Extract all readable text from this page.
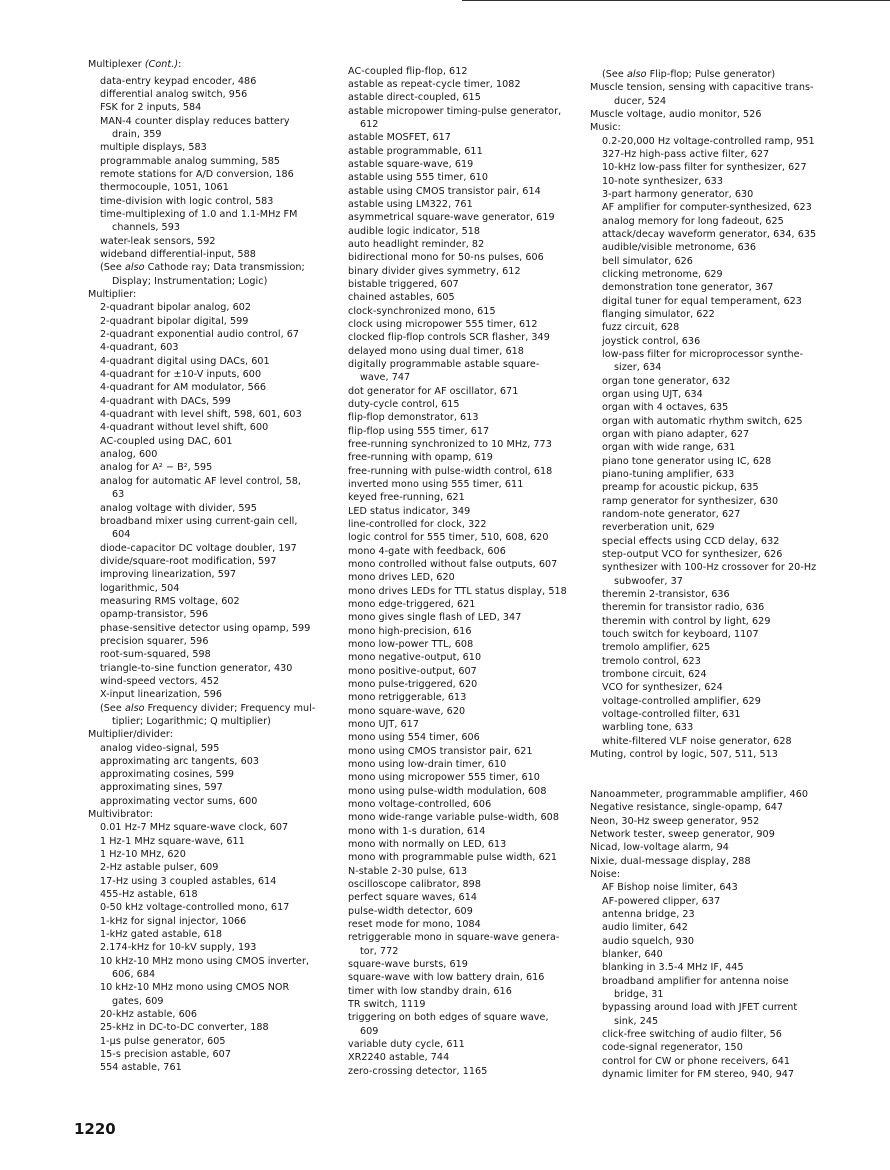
Multiplexer (Cont.):
data-entry keypad encoder, 486
differential analog switch, 956
FSK for 2 inputs, 584
MAN-4 counter display reduces battery
drain, 359
multiple displays, 583
programmable analog summing, 585
remote stations for A/D conversion, 186
thermocouple, 1051, 1061
time-division with logic control, 583
time-multiplexing of 1.0 and 1.1-MHz FM
channels, 593
water-leak sensors, 592
wideband differential-input, 588
(See also Cathode ray; Data transmission;
Display; Instrumentation; Logic)
Multiplier:
2-quadrant bipolar analog, 602
2-quadrant bipolar digital, 599
2-quadrant exponential audio control, 67
4-quadrant, 603
4-quadrant digital using DACs, 601
4-quadrant for ±10-V inputs, 600
4-quadrant for AM modulator, 566
4-quadrant with DACs, 599
4-quadrant with level shift, 598, 601, 603
4-quadrant without level shift, 600
AC-coupled using DAC, 601
analog, 600
analog for A² − B², 595
analog for automatic AF level control, 58,
63
analog voltage with divider, 595
broadband mixer using current-gain cell,
604
diode-capacitor DC voltage doubler, 197
divide/square-root modification, 597
improving linearization, 597
logarithmic, 504
measuring RMS voltage, 602
opamp-transistor, 596
phase-sensitive detector using opamp, 599
precision squarer, 596
root-sum-squared, 598
triangle-to-sine function generator, 430
wind-speed vectors, 452
X-input linearization, 596
(See also Frequency divider; Frequency mul-
tiplier; Logarithmic; Q multiplier)
Multiplier/divider:
analog video-signal, 595
approximating arc tangents, 603
approximating cosines, 599
approximating sines, 597
approximating vector sums, 600
Multivibrator:
0.01 Hz-7 MHz square-wave clock, 607
1 Hz-1 MHz square-wave, 611
1 Hz-10 MHz, 620
2-Hz astable pulser, 609
17-Hz using 3 coupled astables, 614
455-Hz astable, 618
0-50 kHz voltage-controlled mono, 617
1-kHz for signal injector, 1066
1-kHz gated astable, 618
2.174-kHz for 10-kV supply, 193
10 kHz-10 MHz mono using CMOS inverter,
606, 684
10 kHz-10 MHz mono using CMOS NOR
gates, 609
20-kHz astable, 606
25-kHz in DC-to-DC converter, 188
1-μs pulse generator, 605
15-s precision astable, 607
554 astable, 761
AC-coupled flip-flop, 612
astable as repeat-cycle timer, 1082
astable direct-coupled, 615
astable micropower timing-pulse generator,
612
astable MOSFET, 617
astable programmable, 611
astable square-wave, 619
astable using 555 timer, 610
astable using CMOS transistor pair, 614
astable using LM322, 761
asymmetrical square-wave generator, 619
audible logic indicator, 518
auto headlight reminder, 82
bidirectional mono for 50-ns pulses, 606
binary divider gives symmetry, 612
bistable triggered, 607
chained astables, 605
clock-synchronized mono, 615
clock using micropower 555 timer, 612
clocked flip-flop controls SCR flasher, 349
delayed mono using dual timer, 618
digitally programmable astable square-
wave, 747
dot generator for AF oscillator, 671
duty-cycle control, 615
flip-flop demonstrator, 613
flip-flop using 555 timer, 617
free-running synchronized to 10 MHz, 773
free-running with opamp, 619
free-running with pulse-width control, 618
inverted mono using 555 timer, 611
keyed free-running, 621
LED status indicator, 349
line-controlled for clock, 322
logic control for 555 timer, 510, 608, 620
mono 4-gate with feedback, 606
mono controlled without false outputs, 607
mono drives LED, 620
mono drives LEDs for TTL status display, 518
mono edge-triggered, 621
mono gives single flash of LED, 347
mono high-precision, 616
mono low-power TTL, 608
mono negative-output, 610
mono positive-output, 607
mono pulse-triggered, 620
mono retriggerable, 613
mono square-wave, 620
mono UJT, 617
mono using 554 timer, 606
mono using CMOS transistor pair, 621
mono using low-drain timer, 610
mono using micropower 555 timer, 610
mono using pulse-width modulation, 608
mono voltage-controlled, 606
mono wide-range variable pulse-width, 608
mono with 1-s duration, 614
mono with normally on LED, 613
mono with programmable pulse width, 621
N-stable 2-30 pulse, 613
oscilloscope calibrator, 898
perfect square waves, 614
pulse-width detector, 609
reset mode for mono, 1084
retriggerable mono in square-wave genera-
tor, 772
square-wave bursts, 619
square-wave with low battery drain, 616
timer with low standby drain, 616
TR switch, 1119
triggering on both edges of square wave,
609
variable duty cycle, 611
XR2240 astable, 744
zero-crossing detector, 1165
(See also Flip-flop; Pulse generator)
Muscle tension, sensing with capacitive trans-
ducer, 524
Muscle voltage, audio monitor, 526
Music:
0.2-20,000 Hz voltage-controlled ramp, 951
327-Hz high-pass active filter, 627
10-kHz low-pass filter for synthesizer, 627
10-note synthesizer, 633
3-part harmony generator, 630
AF amplifier for computer-synthesized, 623
analog memory for long fadeout, 625
attack/decay waveform generator, 634, 635
audible/visible metronome, 636
bell simulator, 626
clicking metronome, 629
demonstration tone generator, 367
digital tuner for equal temperament, 623
flanging simulator, 622
fuzz circuit, 628
joystick control, 636
low-pass filter for microprocessor synthe-
sizer, 634
organ tone generator, 632
organ using UJT, 634
organ with 4 octaves, 635
organ with automatic rhythm switch, 625
organ with piano adapter, 627
organ with wide range, 631
piano tone generator using IC, 628
piano-tuning amplifier, 633
preamp for acoustic pickup, 635
ramp generator for synthesizer, 630
random-note generator, 627
reverberation unit, 629
special effects using CCD delay, 632
step-output VCO for synthesizer, 626
synthesizer with 100-Hz crossover for 20-Hz
subwoofer, 37
theremin 2-transistor, 636
theremin for transistor radio, 636
theremin with control by light, 629
touch switch for keyboard, 1107
tremolo amplifier, 625
tremolo control, 623
trombone circuit, 624
VCO for synthesizer, 624
voltage-controlled amplifier, 629
voltage-controlled filter, 631
warbling tone, 633
white-filtered VLF noise generator, 628
Muting, control by logic, 507, 511, 513
Nanoammeter, programmable amplifier, 460
Negative resistance, single-opamp, 647
Neon, 30-Hz sweep generator, 952
Network tester, sweep generator, 909
Nicad, low-voltage alarm, 94
Nixie, dual-message display, 288
Noise:
AF Bishop noise limiter, 643
AF-powered clipper, 637
antenna bridge, 23
audio limiter, 642
audio squelch, 930
blanker, 640
blanking in 3.5-4 MHz IF, 445
broadband amplifier for antenna noise
bridge, 31
bypassing around load with JFET current
sink, 245
click-free switching of audio filter, 56
code-signal regenerator, 150
control for CW or phone receivers, 641
dynamic limiter for FM stereo, 940, 947
1220
